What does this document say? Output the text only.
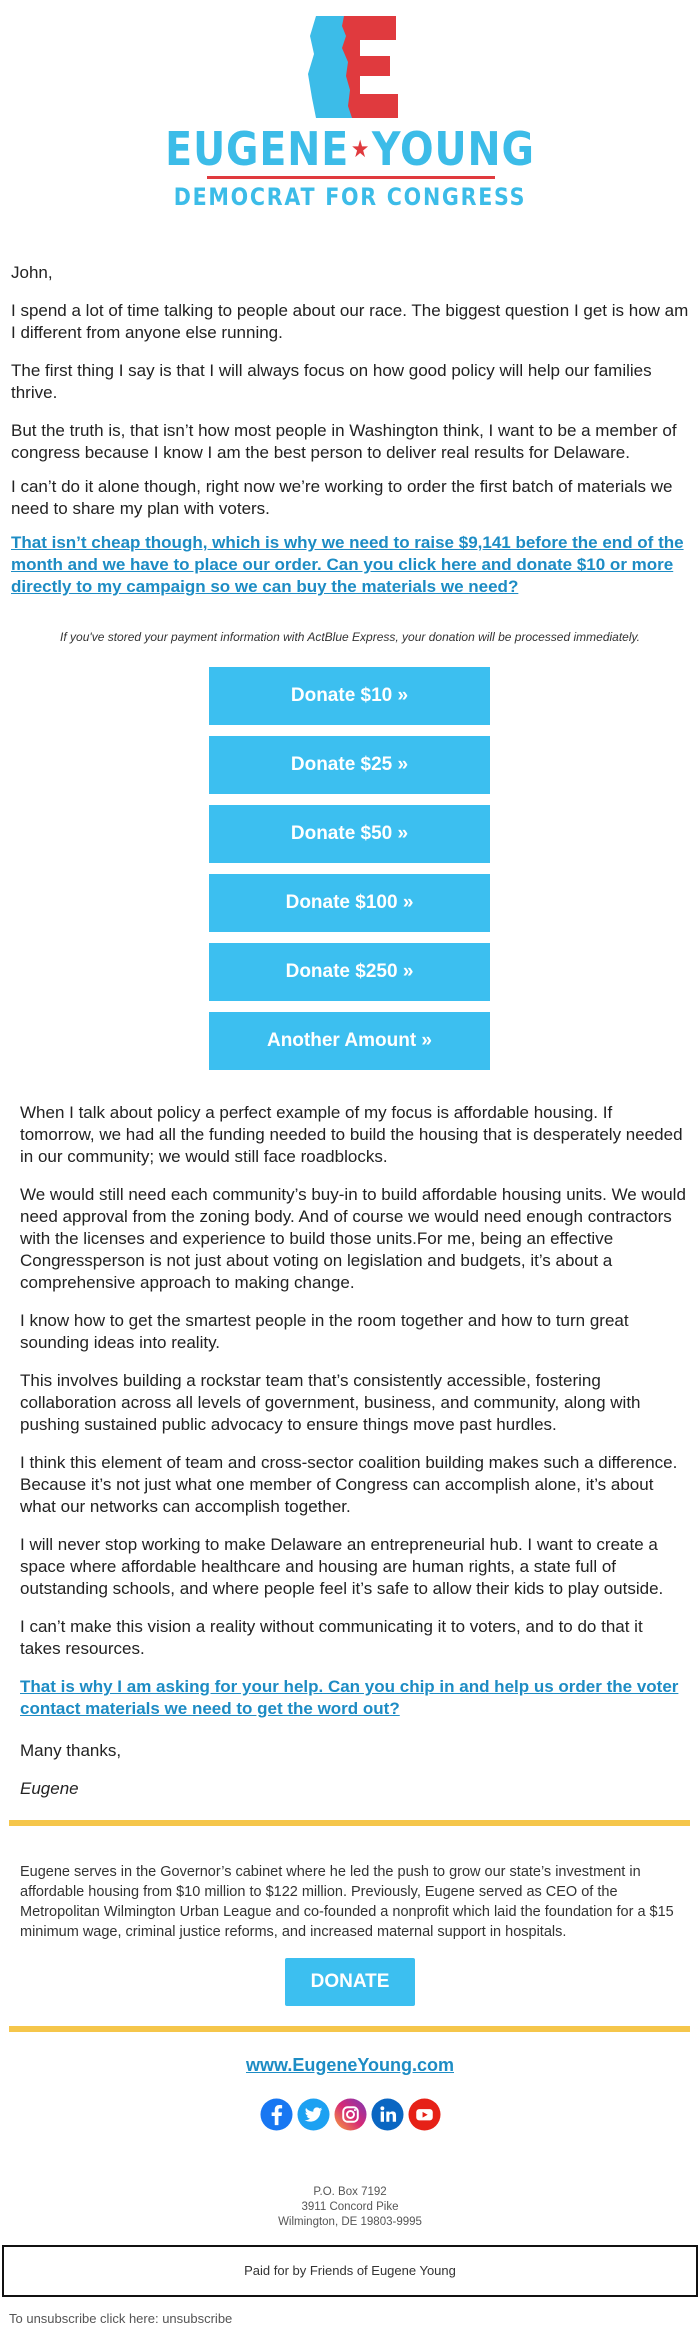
EUGENE★YOUNG
DEMOCRAT FOR CONGRESS
John,
I spend a lot of time talking to people about our race. The biggest question I get is how am I different from anyone else running.
The first thing I say is that I will always focus on how good policy will help our families thrive.
But the truth is, that isn’t how most people in Washington think, I want to be a member of congress because I know I am the best person to deliver real results for Delaware.
I can’t do it alone though, right now we’re working to order the first batch of materials we need to share my plan with voters.
That isn’t cheap though, which is why we need to raise $9,141 before the end of the month and we have to place our order. Can you click here and donate $10 or more directly to my campaign so we can buy the materials we need?
If you've stored your payment information with ActBlue Express, your donation will be processed immediately.
Donate $10 »
Donate $25 »
Donate $50 »
Donate $100 »
Donate $250 »
Another Amount »
When I talk about policy a perfect example of my focus is affordable housing. If tomorrow, we had all the funding needed to build the housing that is desperately needed in our community; we would still face roadblocks.
We would still need each community’s buy-in to build affordable housing units. We would need approval from the zoning body. And of course we would need enough contractors with the licenses and experience to build those units.For me, being an effective Congressperson is not just about voting on legislation and budgets, it’s about a comprehensive approach to making change.
I know how to get the smartest people in the room together and how to turn great sounding ideas into reality.
This involves building a rockstar team that’s consistently accessible, fostering collaboration across all levels of government, business, and community, along with pushing sustained public advocacy to ensure things move past hurdles.
I think this element of team and cross-sector coalition building makes such a difference. Because it’s not just what one member of Congress can accomplish alone, it’s about what our networks can accomplish together.
I will never stop working to make Delaware an entrepreneurial hub. I want to create a space where affordable healthcare and housing are human rights, a state full of outstanding schools, and where people feel it’s safe to allow their kids to play outside.
I can’t make this vision a reality without communicating it to voters, and to do that it takes resources.
That is why I am asking for your help. Can you chip in and help us order the voter contact materials we need to get the word out?
Many thanks,
Eugene
Eugene serves in the Governor’s cabinet where he led the push to grow our state’s investment in affordable housing from $10 million to $122 million. Previously, Eugene served as CEO of the Metropolitan Wilmington Urban League and co-founded a nonprofit which laid the foundation for a $15 minimum wage, criminal justice reforms, and increased maternal support in hospitals.
DONATE
www.EugeneYoung.com
P.O. Box 7192
3911 Concord Pike
Wilmington, DE 19803-9995
Paid for by Friends of Eugene Young
To unsubscribe click here: unsubscribe
